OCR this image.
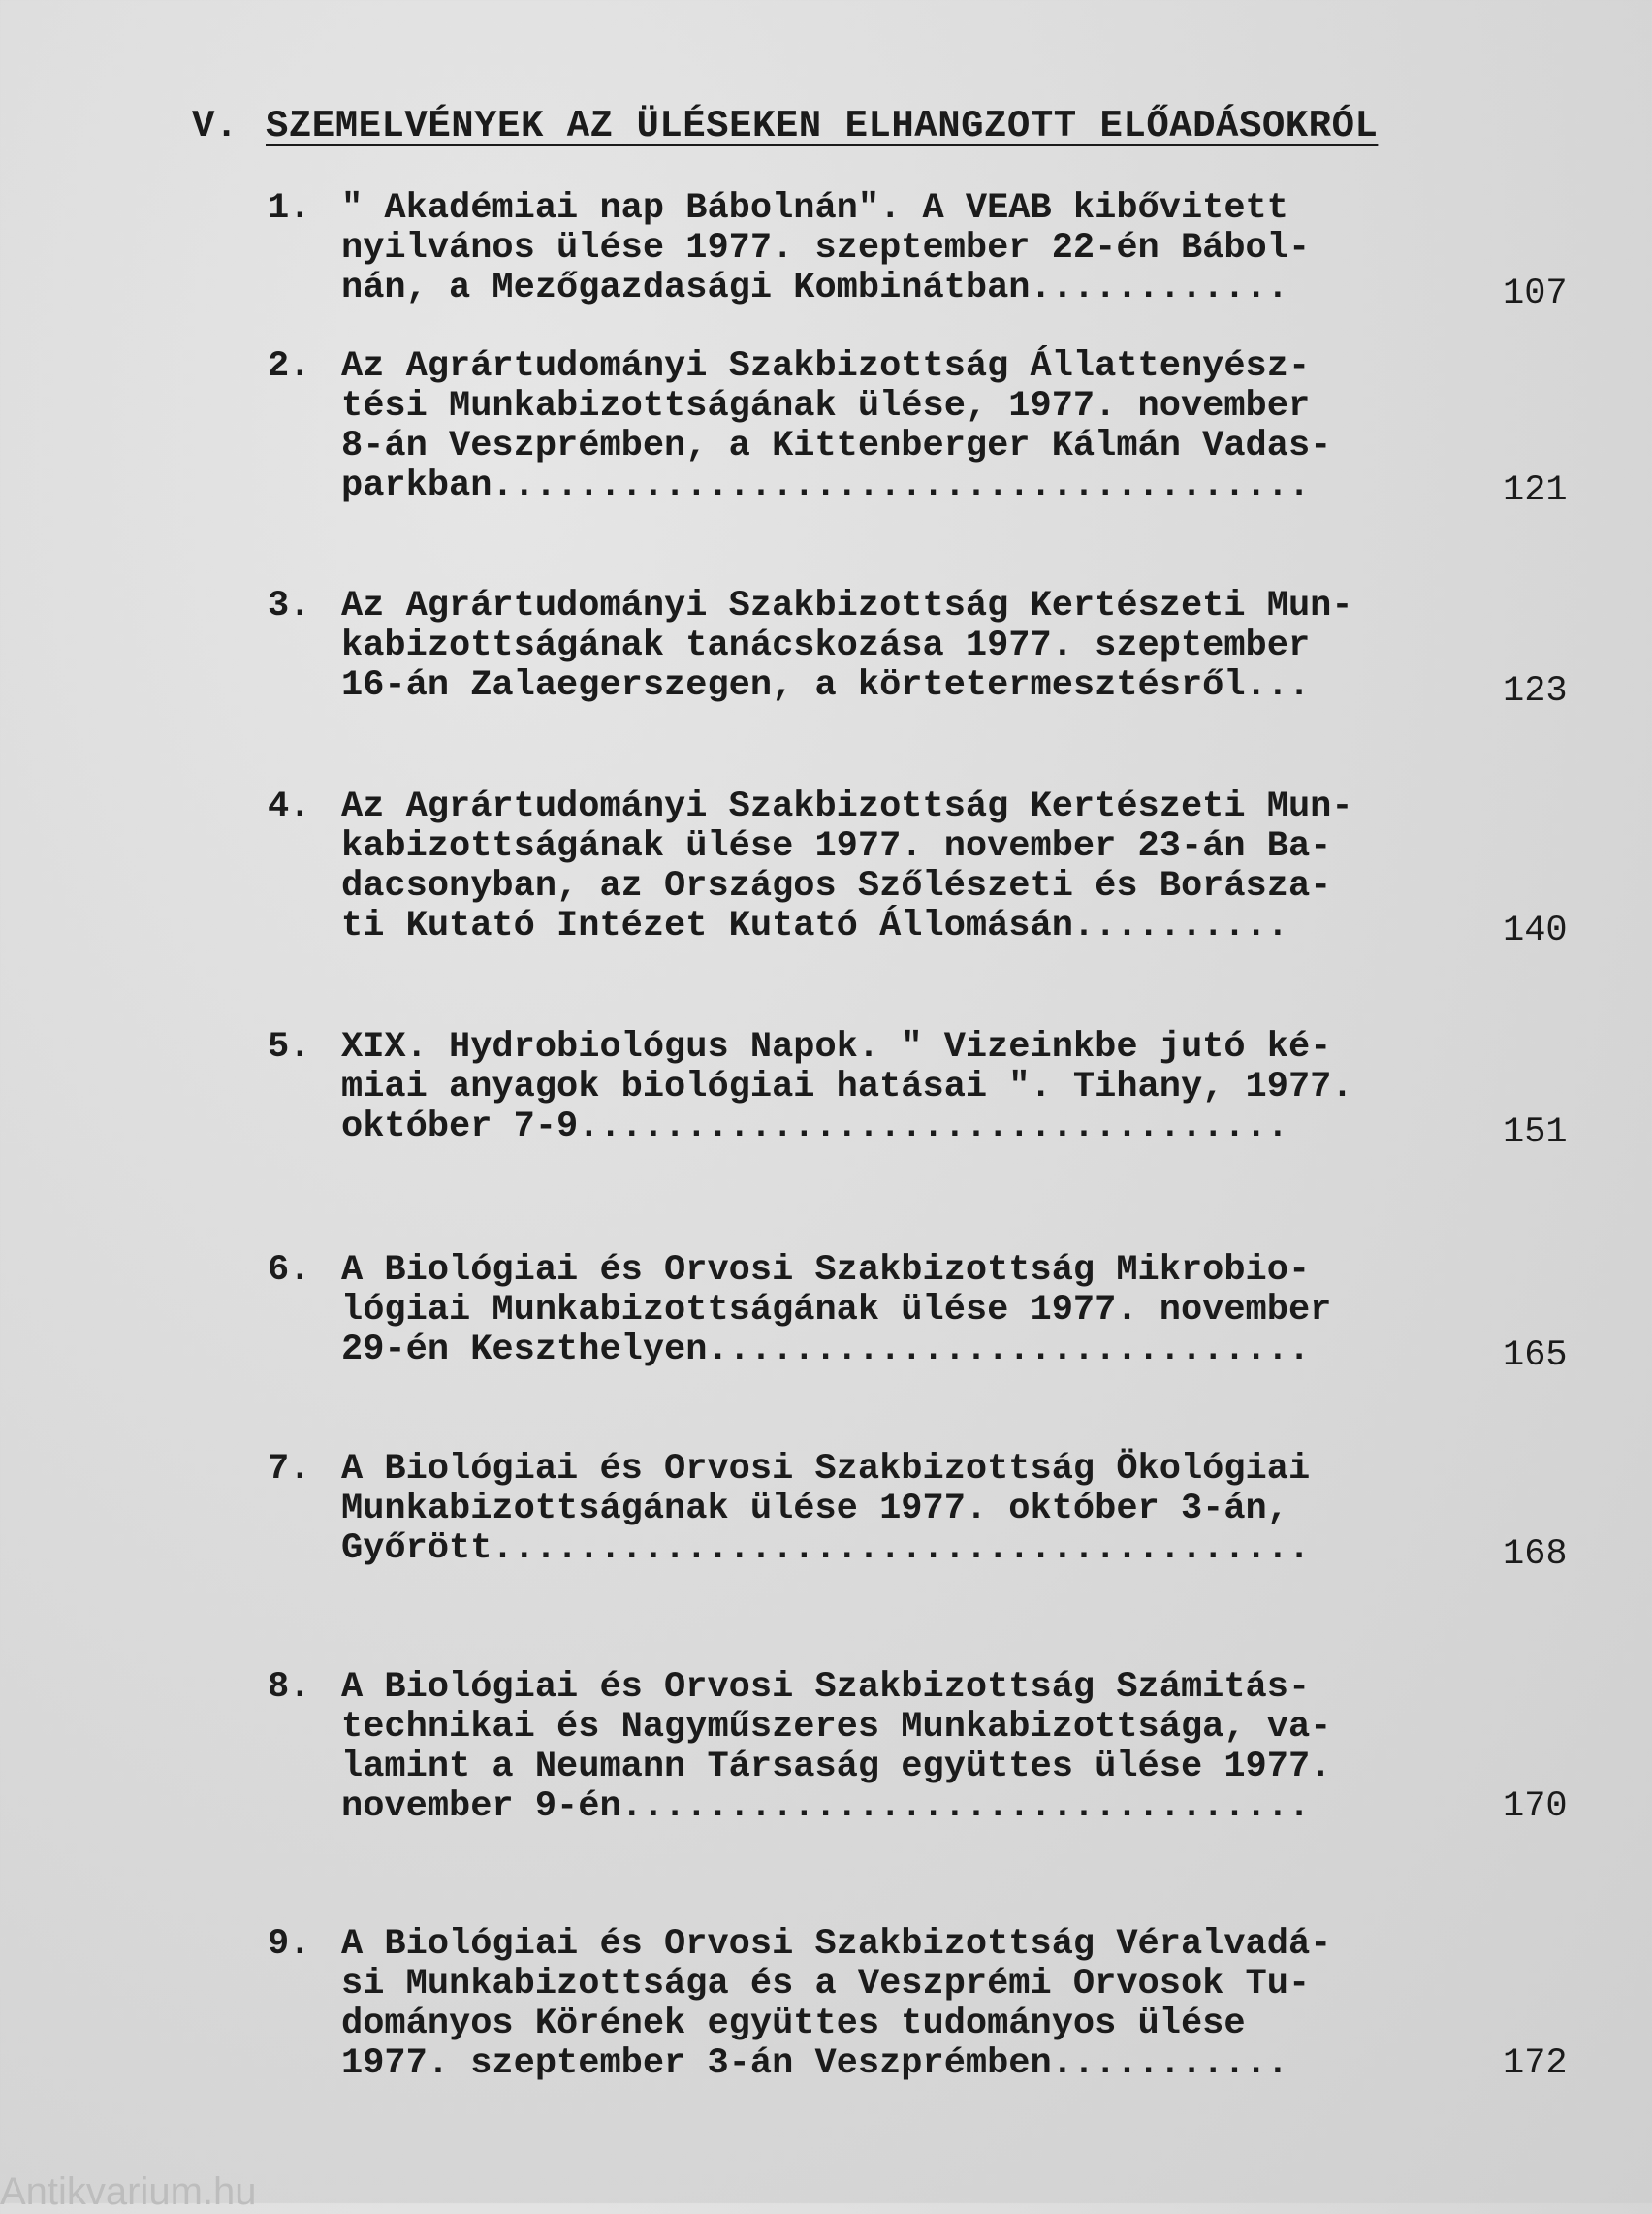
V. SZEMELVÉNYEK AZ ÜLÉSEKEN ELHANGZOTT ELŐADÁSOKRÓL
1. " Akadémiai nap Bábolnán". A VEAB kibővitett
nyilvános ülése 1977. szeptember 22-én Bábol-
nán, a Mezőgazdasági Kombinátban............	107
2. Az Agrártudományi Szakbizottság Állattenyész-
tési Munkabizottságának ülése, 1977. november
8-án Veszprémben, a Kittenberger Kálmán Vadas-
parkban......................................	121
3. Az Agrártudományi Szakbizottság Kertészeti Mun-
kabizottságának tanácskozása 1977. szeptember
16-án Zalaegerszegen, a körtetermesztésről...	123
4. Az Agrártudományi Szakbizottság Kertészeti Mun-
kabizottságának ülése 1977. november 23-án Ba-
dacsonyban, az Országos Szőlészeti és Borásza-
ti Kutató Intézet Kutató Állomásán..........	140
5. XIX. Hydrobiológus Napok. " Vizeinkbe jutó ké-
miai anyagok biológiai hatásai ". Tihany, 1977.
október 7-9.................................	151
6. A Biológiai és Orvosi Szakbizottság Mikrobio-
lógiai Munkabizottságának ülése 1977. november
29-én Keszthelyen............................	165
7. A Biológiai és Orvosi Szakbizottság Ökológiai
Munkabizottságának ülése 1977. október 3-án,
Győrött......................................	168
8. A Biológiai és Orvosi Szakbizottság Számitás-
technikai és Nagyműszeres Munkabizottsága, va-
lamint a Neumann Társaság együttes ülése 1977.
november 9-én................................	170
9. A Biológiai és Orvosi Szakbizottság Véralvadá-
si Munkabizottsága és a Veszprémi Orvosok Tu-
dományos Körének együttes tudományos ülése
1977. szeptember 3-án Veszprémben...........	172
Antikvarium.hu
